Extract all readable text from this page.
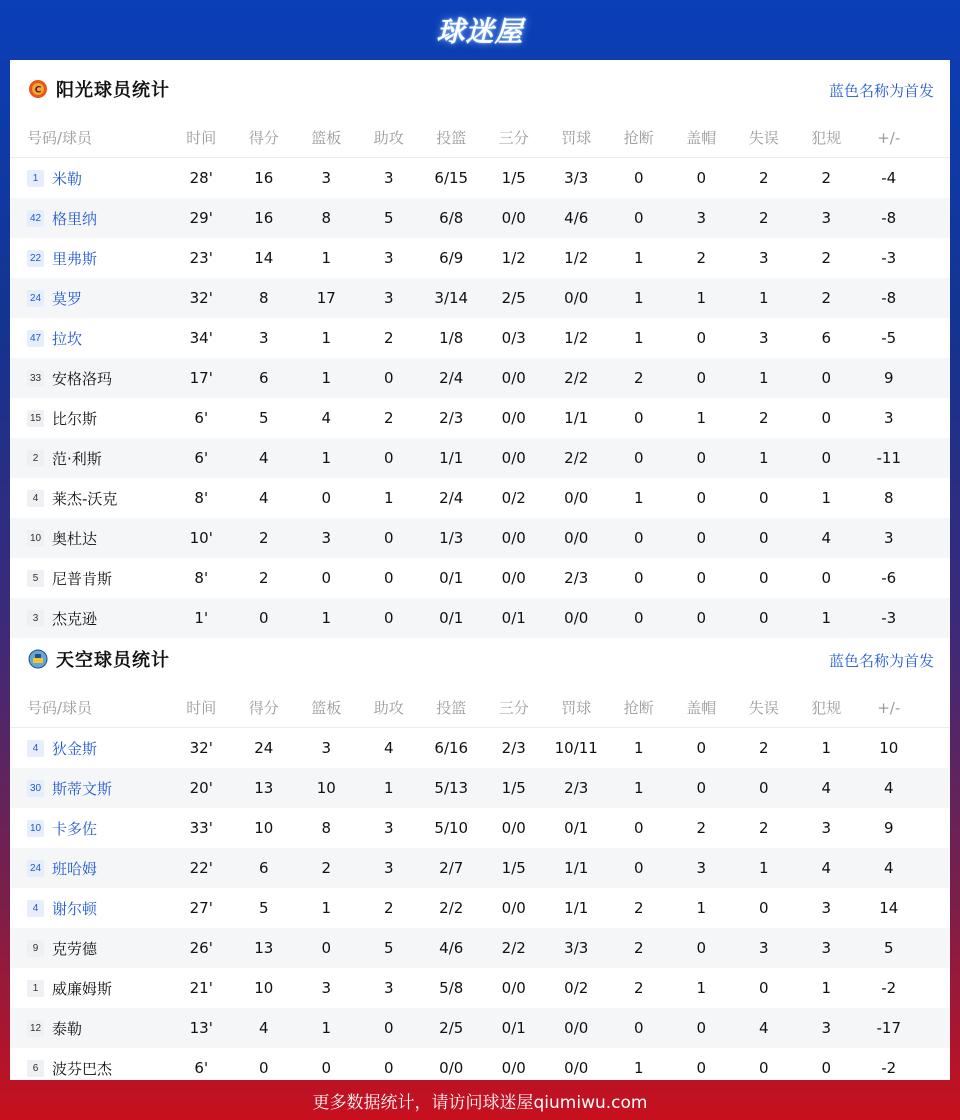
球迷屋
C 阳光球员统计	蓝色名称为首发
号码/球员	时间	得分	篮板	助攻	投篮	三分	罚球	抢断	盖帽	失误	犯规	+/-
1 米勒	28'	16	3	3	6/15	1/5	3/3	0	0	2	2	-4
42 格里纳	29'	16	8	5	6/8	0/0	4/6	0	3	2	3	-8
22 里弗斯	23'	14	1	3	6/9	1/2	1/2	1	2	3	2	-3
24 莫罗	32'	8	17	3	3/14	2/5	0/0	1	1	1	2	-8
47 拉坎	34'	3	1	2	1/8	0/3	1/2	1	0	3	6	-5
33 安格洛玛	17'	6	1	0	2/4	0/0	2/2	2	0	1	0	9
15 比尔斯	6'	5	4	2	2/3	0/0	1/1	0	1	2	0	3
2 范·利斯	6'	4	1	0	1/1	0/0	2/2	0	0	1	0	-11
4 莱杰-沃克	8'	4	0	1	2/4	0/2	0/0	1	0	0	1	8
10 奥杜达	10'	2	3	0	1/3	0/0	0/0	0	0	0	4	3
5 尼普肯斯	8'	2	0	0	0/1	0/0	2/3	0	0	0	0	-6
3 杰克逊	1'	0	1	0	0/1	0/1	0/0	0	0	0	1	-3
天空球员统计	蓝色名称为首发
号码/球员	时间	得分	篮板	助攻	投篮	三分	罚球	抢断	盖帽	失误	犯规	+/-
4 狄金斯	32'	24	3	4	6/16	2/3	10/11	1	0	2	1	10
30 斯蒂文斯	20'	13	10	1	5/13	1/5	2/3	1	0	0	4	4
10 卡多佐	33'	10	8	3	5/10	0/0	0/1	0	2	2	3	9
24 班哈姆	22'	6	2	3	2/7	1/5	1/1	0	3	1	4	4
4 谢尔顿	27'	5	1	2	2/2	0/0	1/1	2	1	0	3	14
9 克劳德	26'	13	0	5	4/6	2/2	3/3	2	0	3	3	5
1 威廉姆斯	21'	10	3	3	5/8	0/0	0/2	2	1	0	1	-2
12 泰勒	13'	4	1	0	2/5	0/1	0/0	0	0	4	3	-17
6 波芬巴杰	6'	0	0	0	0/0	0/0	0/0	1	0	0	0	-2
更多数据统计，请访问球迷屋qiumiwu.com
